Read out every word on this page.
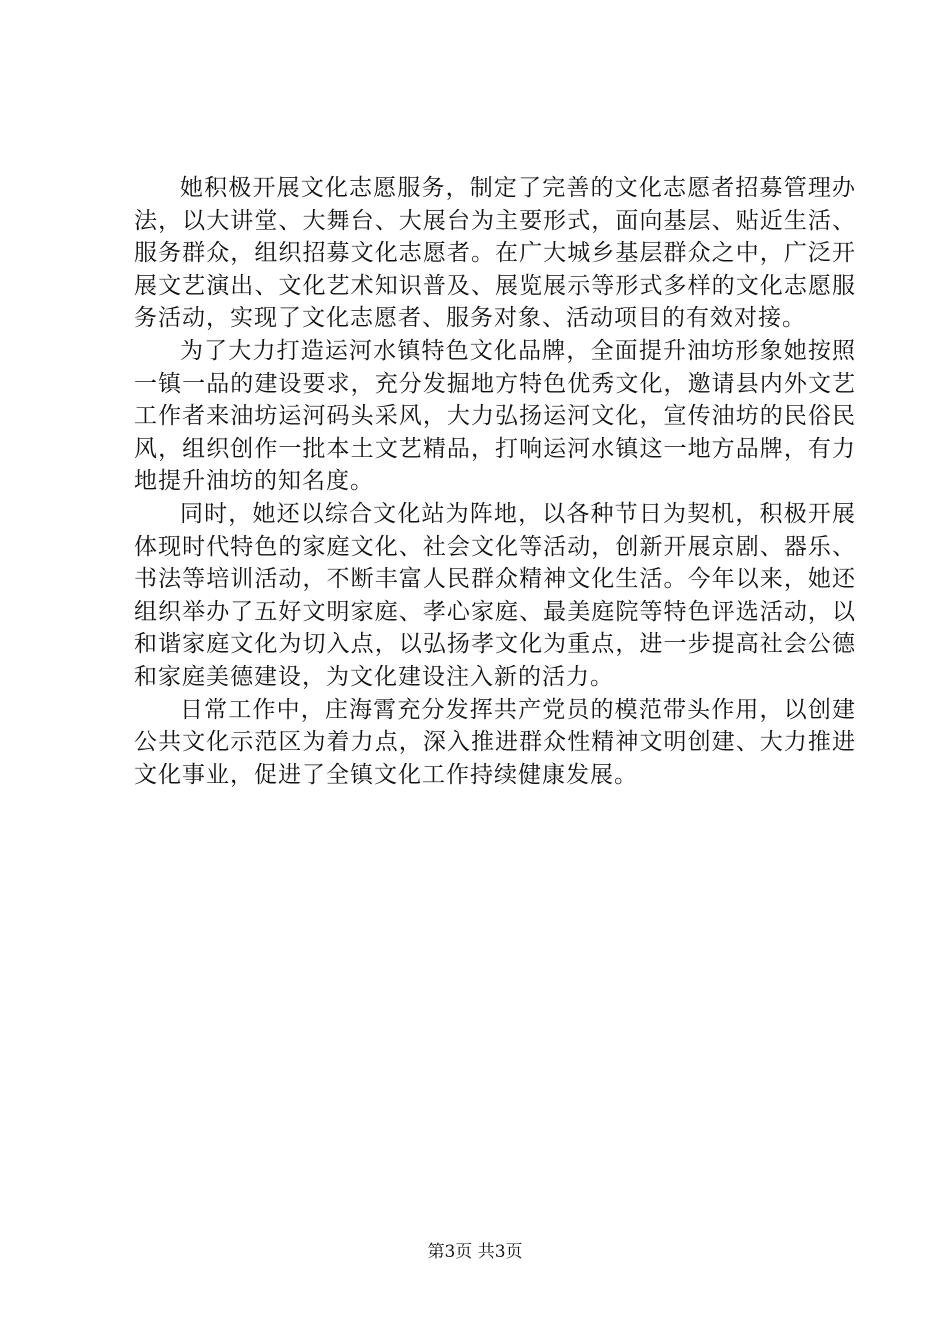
她积极开展文化志愿服务，制定了完善的文化志愿者招募管理办法，以大讲堂、大舞台、大展台为主要形式，面向基层、贴近生活、服务群众，组织招募文化志愿者。在广大城乡基层群众之中，广泛开展文艺演出、文化艺术知识普及、展览展示等形式多样的文化志愿服务活动，实现了文化志愿者、服务对象、活动项目的有效对接。

为了大力打造运河水镇特色文化品牌，全面提升油坊形象她按照一镇一品的建设要求，充分发掘地方特色优秀文化，邀请县内外文艺工作者来油坊运河码头采风，大力弘扬运河文化，宣传油坊的民俗民风，组织创作一批本土文艺精品，打响运河水镇这一地方品牌，有力地提升油坊的知名度。

同时，她还以综合文化站为阵地，以各种节日为契机，积极开展体现时代特色的家庭文化、社会文化等活动，创新开展京剧、器乐、书法等培训活动，不断丰富人民群众精神文化生活。今年以来，她还组织举办了五好文明家庭、孝心家庭、最美庭院等特色评选活动，以和谐家庭文化为切入点，以弘扬孝文化为重点，进一步提高社会公德和家庭美德建设，为文化建设注入新的活力。

日常工作中，庄海霄充分发挥共产党员的模范带头作用，以创建公共文化示范区为着力点，深入推进群众性精神文明创建、大力推进文化事业，促进了全镇文化工作持续健康发展。

第3页 共3页
